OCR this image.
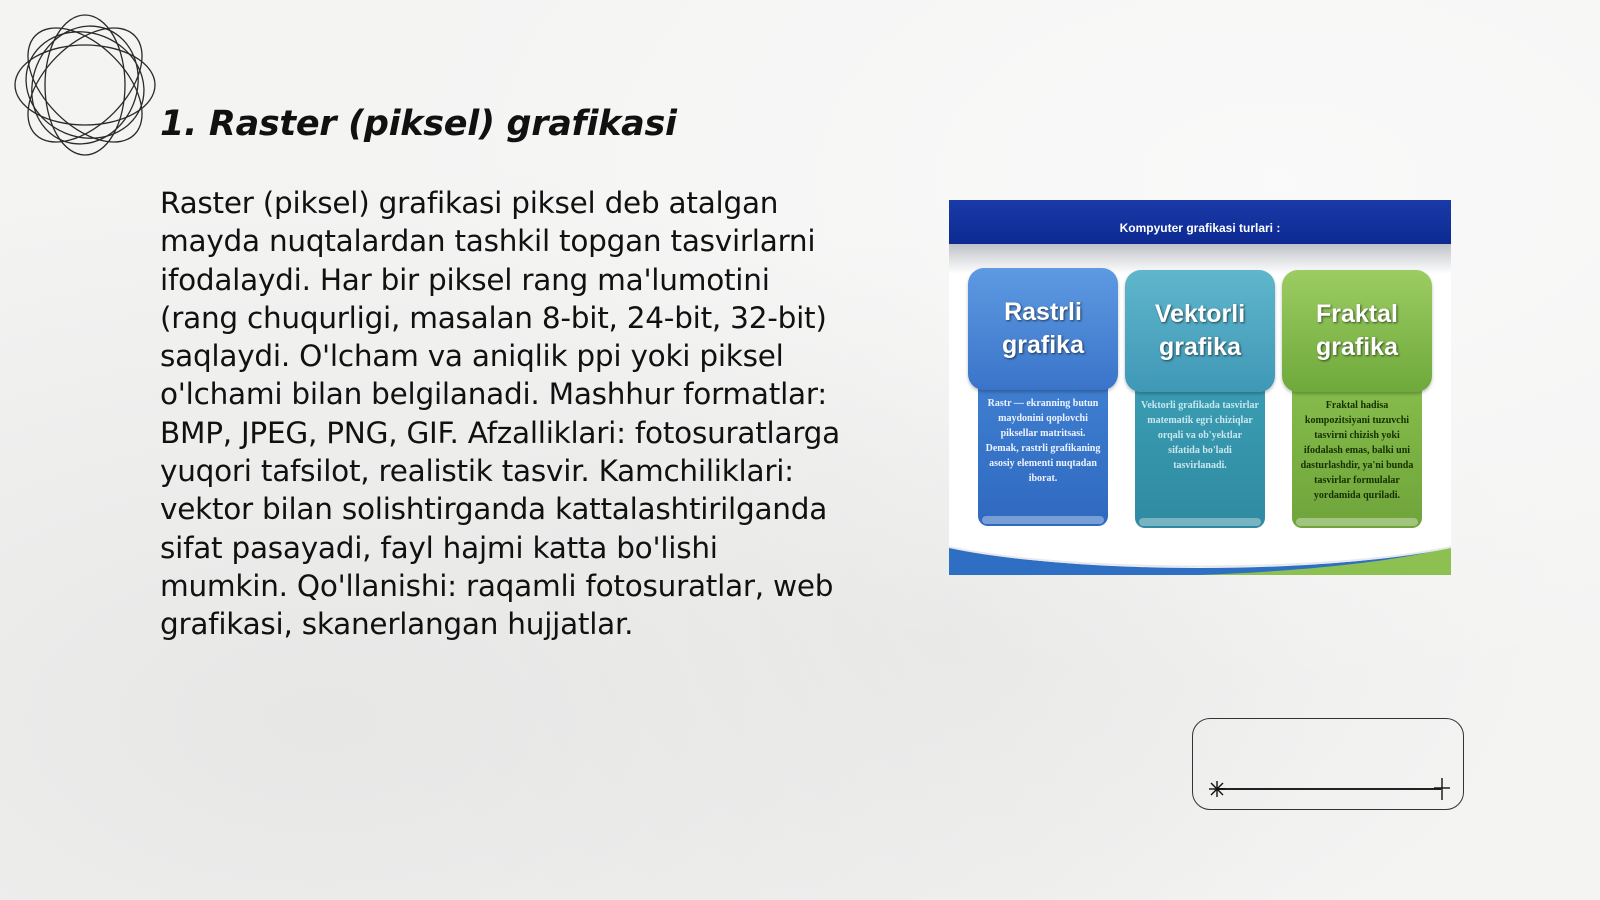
1. Raster (piksel) grafikasi

Raster (piksel) grafikasi piksel deb atalgan mayda nuqtalardan tashkil topgan tasvirlarni ifodalaydi. Har bir piksel rang ma'lumotini (rang chuqurligi, masalan 8-bit, 24-bit, 32-bit) saqlaydi. O'lcham va aniqlik ppi yoki piksel o'lchami bilan belgilanadi. Mashhur formatlar: BMP, JPEG, PNG, GIF. Afzalliklari: fotosuratlarga yuqori tafsilot, realistik tasvir. Kamchiliklari: vektor bilan solishtirganda kattalashtirilganda sifat pasayadi, fayl hajmi katta bo'lishi mumkin. Qo'llanishi: raqamli fotosuratlar, web grafikasi, skanerlangan hujjatlar.

Kompyuter grafikasi turlari :
Rastrli
grafika
Rastr — ekranning butun maydonini qoplovchi piksellar matritsasi. Demak, rastrli grafikaning asosiy elementi nuqtadan iborat.
Vektorli
grafika
Vektorli grafikada tasvirlar matematik egri chiziqlar orqali va ob'yektlar sifatida bo'ladi tasvirlanadi.
Fraktal
grafika
Fraktal hadisa kompozitsiyani tuzuvchi tasvirni chizish yoki ifodalash emas, balki uni dasturlashdir, ya'ni bunda tasvirlar formulalar yordamida quriladi.
